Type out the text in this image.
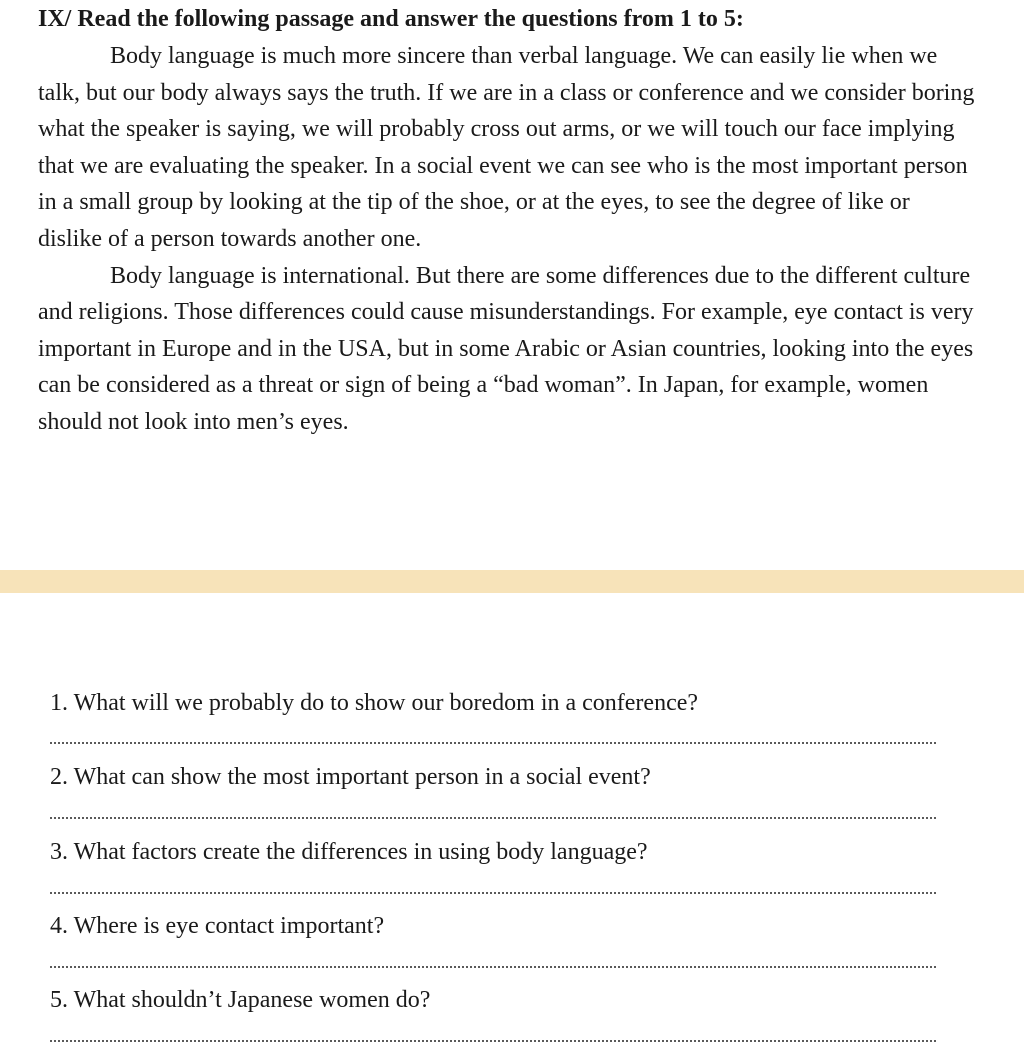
IX/ Read the following passage and answer the questions from 1 to 5:

Body language is much more sincere than verbal language. We can easily lie when we talk, but our body always says the truth. If we are in a class or conference and we consider boring what the speaker is saying, we will probably cross out arms, or we will touch our face implying that we are evaluating the speaker. In a social event we can see who is the most important person in a small group by looking at the tip of the shoe, or at the eyes, to see the degree of like or dislike of a person towards another one.

Body language is international. But there are some differences due to the different culture and religions. Those differences could cause misunderstandings. For example, eye contact is very important in Europe and in the USA, but in some Arabic or Asian countries, looking into the eyes can be considered as a threat or sign of being a “bad woman”. In Japan, for example, women should not look into men’s eyes.

1. What will we probably do to show our boredom in a conference?

2. What can show the most important person in a social event?

3. What factors create the differences in using body language?

4. Where is eye contact important?

5. What shouldn’t Japanese women do?
